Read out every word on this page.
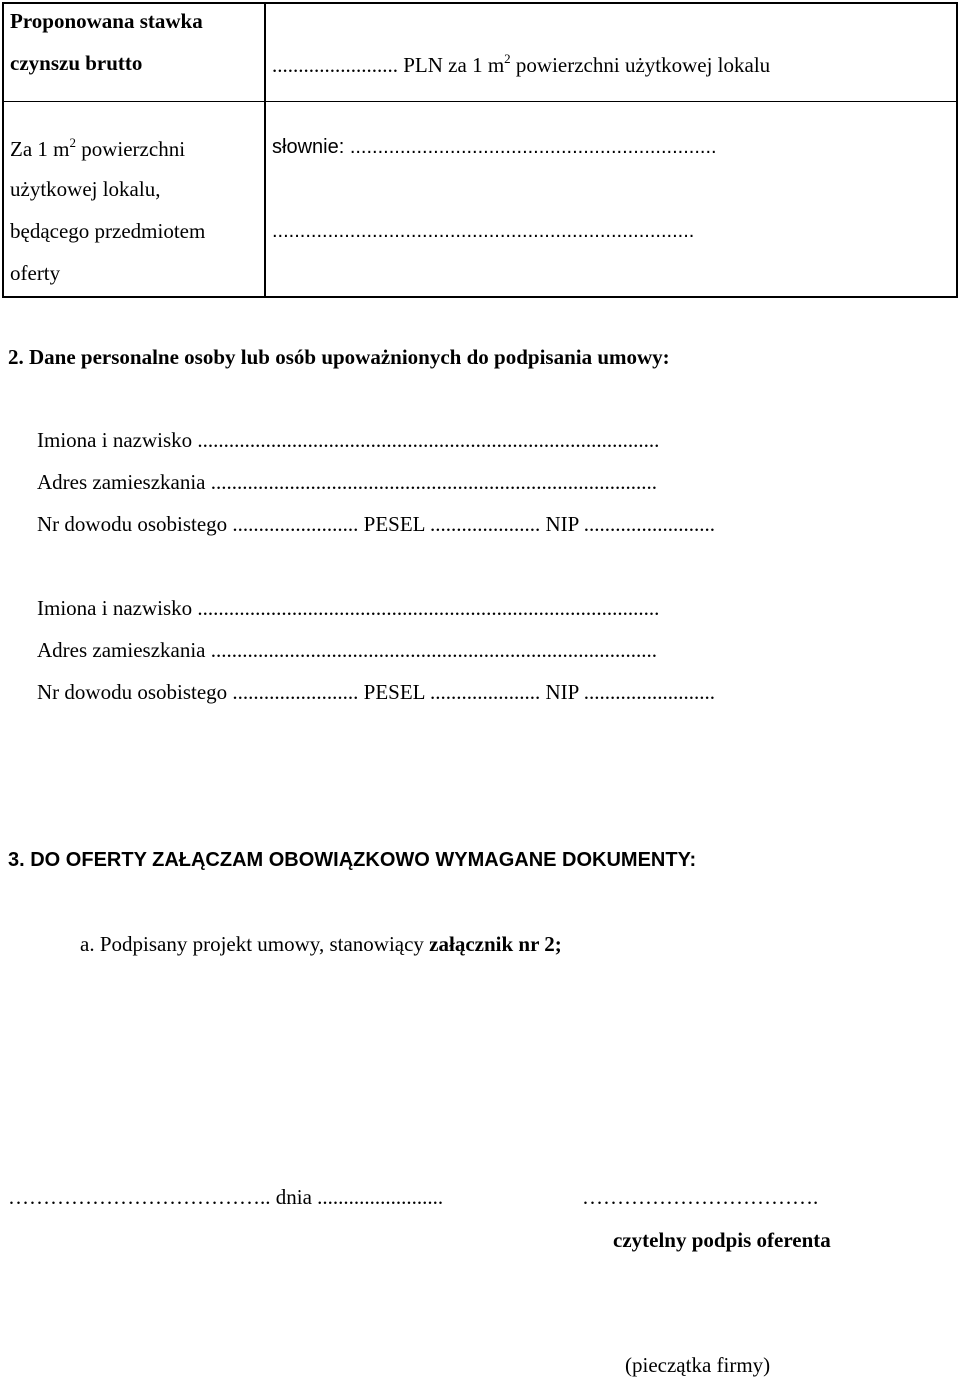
Proponowana stawka
czynszu brutto	........................ PLN za 1 $m^2$ powierzchni użytkowej lokalu
Za 1 $m^2$ powierzchni
użytkowej lokalu,
będącego przedmiotem
oferty
słownie: ..................................................................
............................................................................
2. Dane personalne osoby lub osób upoważnionych do podpisania umowy:
Imiona i nazwisko ........................................................................................
Adres zamieszkania .....................................................................................
Nr dowodu osobistego ........................ PESEL ..................... NIP .........................
Imiona i nazwisko ........................................................................................
Adres zamieszkania .....................................................................................
Nr dowodu osobistego ........................ PESEL ..................... NIP .........................
3. DO OFERTY ZAŁĄCZAM OBOWIĄZKOWO WYMAGANE DOKUMENTY:
a. Podpisany projekt umowy, stanowiący załącznik nr 2;
……………………………….. dnia ........................	…………………………….
czytelny podpis oferenta
(pieczątka firmy)
